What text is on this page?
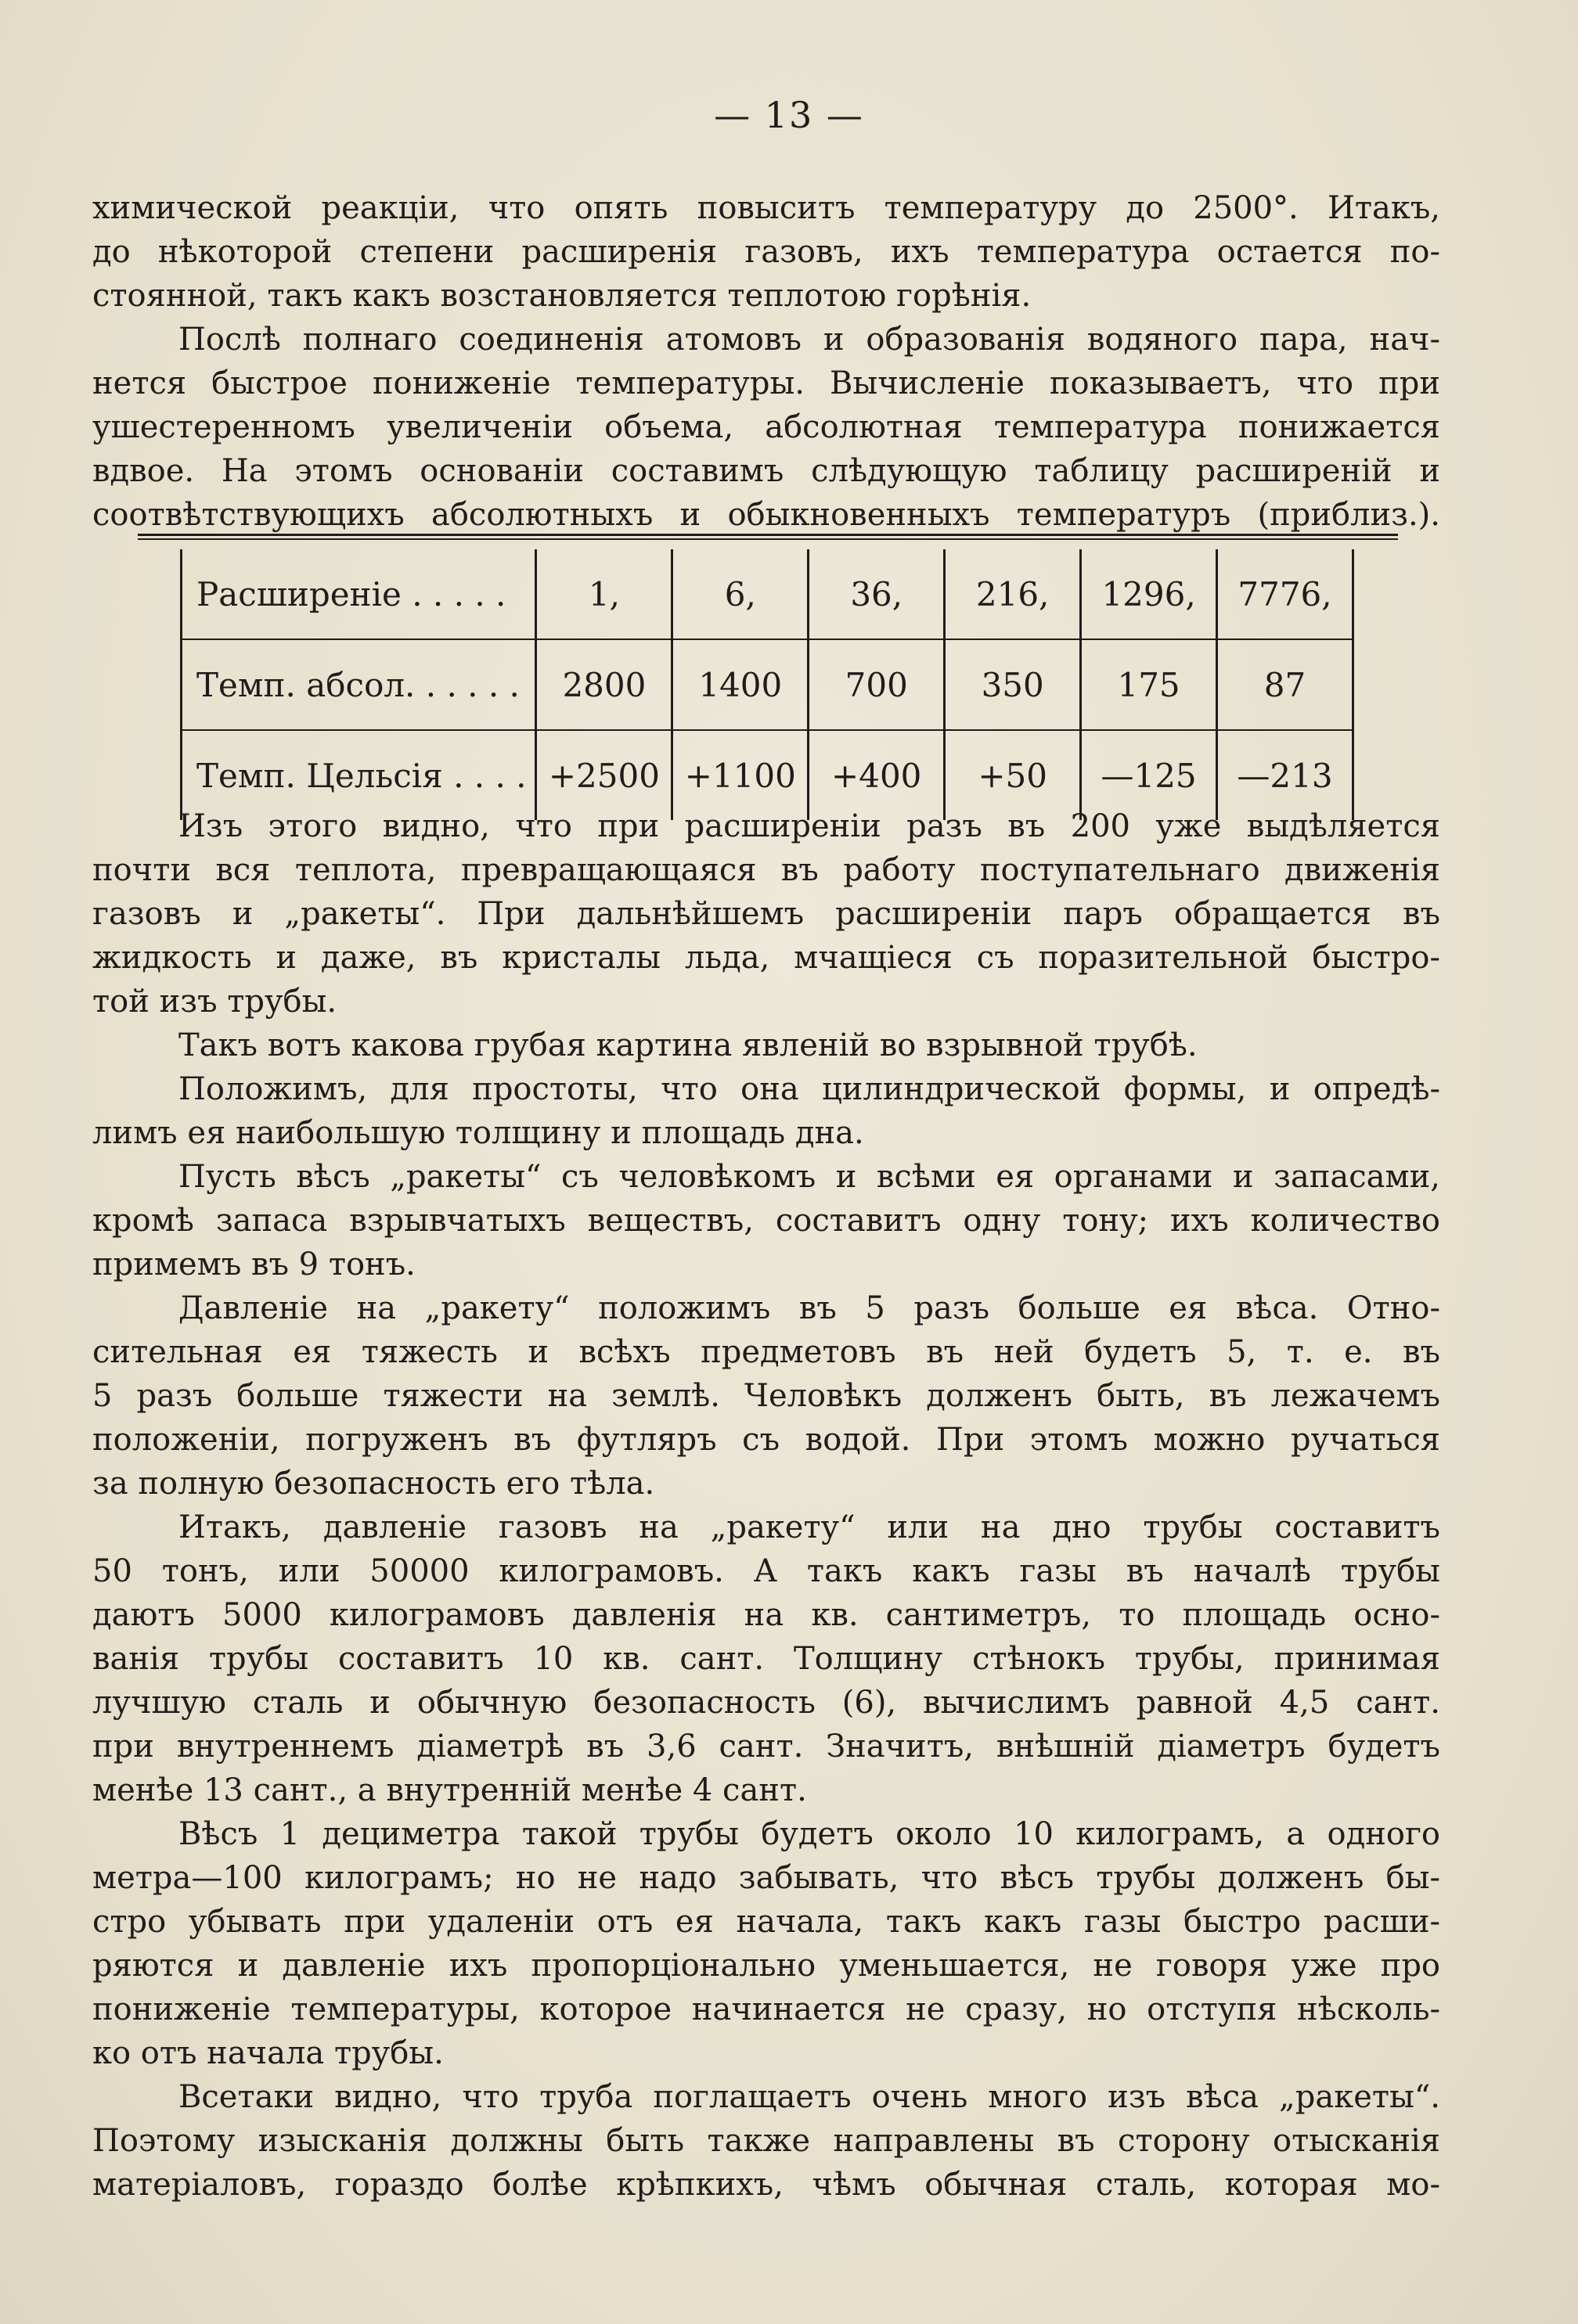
— 13 —
химической реакціи, что опять повыситъ температуру до 2500°. Итакъ,
до нѣкоторой степени расширенія газовъ, ихъ температура остается по-
стоянной, такъ какъ возстановляется теплотою горѣнія.
Послѣ полнаго соединенія атомовъ и образованія водяного пара, нач-
нется быстрое пониженіе температуры. Вычисленіе показываетъ, что при
ушестеренномъ увеличеніи объема, абсолютная температура понижается
вдвое. На этомъ основаніи составимъ слѣдующую таблицу расширеній и
соотвѣтствующихъ абсолютныхъ и обыкновенныхъ температуръ (приблиз.).
Расширеніе . . . . .	1,	6,	36,	216,	1296,	7776,
Темп. абсол. . . . . .	2800	1400	700	350	175	87
Темп. Цельсія . . . .	+2500	+1100	+400	+50	—125	—213
Изъ этого видно, что при расширеніи разъ въ 200 уже выдѣляется
почти вся теплота, превращающаяся въ работу поступательнаго движенія
газовъ и „ракеты“. При дальнѣйшемъ расширеніи паръ обращается въ
жидкость и даже, въ кристалы льда, мчащіеся съ поразительной быстро-
той изъ трубы.
Такъ вотъ какова грубая картина явленій во взрывной трубѣ.
Положимъ, для простоты, что она цилиндрической формы, и опредѣ-
лимъ ея наибольшую толщину и площадь дна.
Пусть вѣсъ „ракеты“ съ человѣкомъ и всѣми ея органами и запасами,
кромѣ запаса взрывчатыхъ веществъ, составитъ одну тону; ихъ количество
примемъ въ 9 тонъ.
Давленіе на „ракету“ положимъ въ 5 разъ больше ея вѣса. Отно-
сительная ея тяжесть и всѣхъ предметовъ въ ней будетъ 5, т. е. въ
5 разъ больше тяжести на землѣ. Человѣкъ долженъ быть, въ лежачемъ
положеніи, погруженъ въ футляръ съ водой. При этомъ можно ручаться
за полную безопасность его тѣла.
Итакъ, давленіе газовъ на „ракету“ или на дно трубы составитъ
50 тонъ, или 50000 килограмовъ. А такъ какъ газы въ началѣ трубы
даютъ 5000 килограмовъ давленія на кв. сантиметръ, то площадь осно-
ванія трубы составитъ 10 кв. сант. Толщину стѣнокъ трубы, принимая
лучшую сталь и обычную безопасность (6), вычислимъ равной 4,5 сант.
при внутреннемъ діаметрѣ въ 3,6 сант. Значитъ, внѣшній діаметръ будетъ
менѣе 13 сант., а внутренній менѣе 4 сант.
Вѣсъ 1 дециметра такой трубы будетъ около 10 килограмъ, а одного
метра—100 килограмъ; но не надо забывать, что вѣсъ трубы долженъ бы-
стро убывать при удаленіи отъ ея начала, такъ какъ газы быстро расши-
ряются и давленіе ихъ пропорціонально уменьшается, не говоря уже про
пониженіе температуры, которое начинается не сразу, но отступя нѣсколь-
ко отъ начала трубы.
Всетаки видно, что труба поглащаетъ очень много изъ вѣса „ракеты“.
Поэтому изысканія должны быть также направлены въ сторону отысканія
матеріаловъ, гораздо болѣе крѣпкихъ, чѣмъ обычная сталь, которая мо-
